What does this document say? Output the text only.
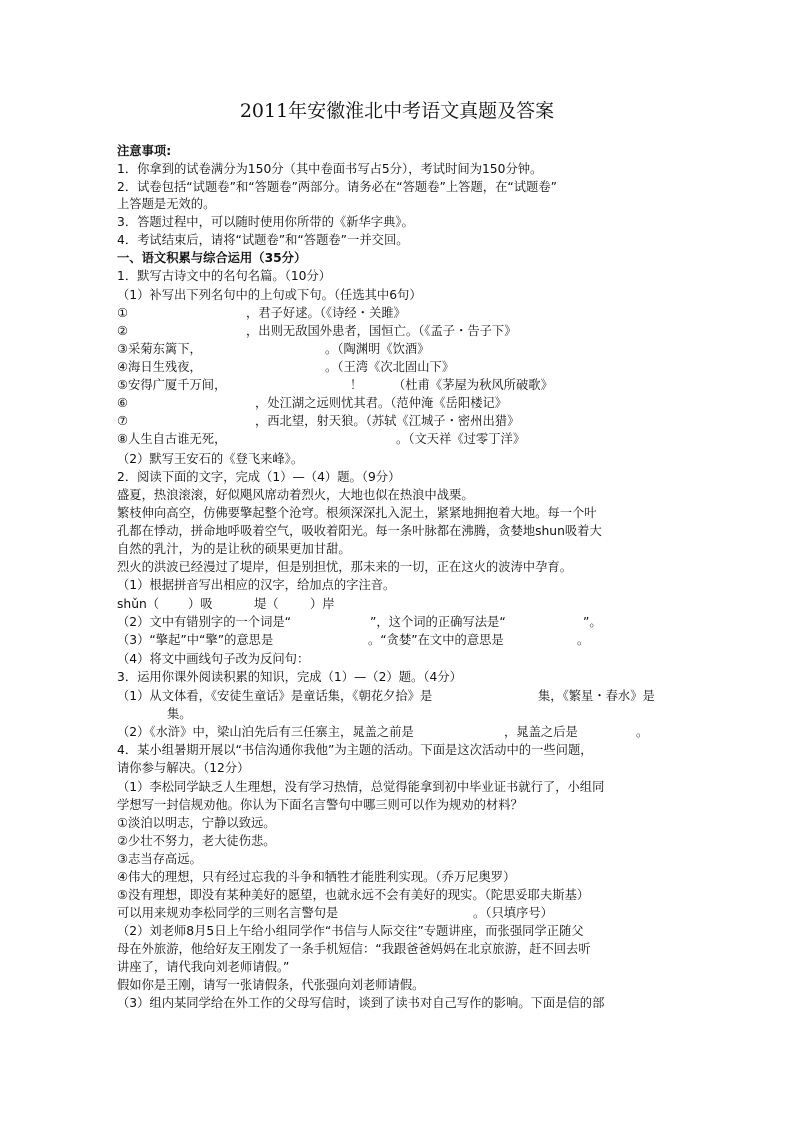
2011年安徽淮北中考语文真题及答案
注意事项:
1．你拿到的试卷满分为150分（其中卷面书写占5分），考试时间为150分钟。
2．试卷包括“试题卷”和“答题卷”两部分。请务必在“答题卷”上答题，在“试题卷”
上答题是无效的。
3．答题过程中，可以随时使用你所带的《新华字典》。
4．考试结束后，请将“试题卷”和“答题卷”一并交回。
一、语文积累与综合运用（35分）
1．默写古诗文中的名句名篇。（10分）
（1）补写出下列名句中的上句或下句。（任选其中6句）
①	，君子好逑。（《诗经・关雎》
②	，出则无敌国外患者，国恒亡。（《孟子・告子下》
③采菊东篱下，	。（陶渊明《饮酒》
④海日生残夜，	。（王湾《次北固山下》
⑤安得广厦千万间，	！ （杜甫《茅屋为秋风所破歌》
⑥	，处江湖之远则忧其君。（范仲淹《岳阳楼记》
⑦	，西北望，射天狼。（苏轼《江城子・密州出猎》
⑧人生自古谁无死，	。（文天祥《过零丁洋》
（2）默写王安石的《登飞来峰》。
2．阅读下面的文字，完成（1）—（4）题。（9分）
盛夏，热浪滚滚，好似飓风席动着烈火，大地也似在热浪中战栗。
繁枝伸向高空，仿佛要擎起整个沧穹。根须深深扎入泥土，紧紧地拥抱着大地。每一个叶
孔都在悸动，拼命地呼吸着空气，吸收着阳光。每一条叶脉都在沸腾，贪婪地shun吸着大
自然的乳汁，为的是让秋的硕果更加甘甜。
烈火的洪波已经漫过了堤岸，但是别担忧，那未来的一切，正在这火的波涛中孕育。
（1）根据拼音写出相应的汉字，给加点的字注音。
shǔn（ ）吸	堤（	）岸
（2）文中有错别字的一个词是“	”，这个词的正确写法是“	”。
（3）“擎起”中“擎”的意思是	。“贪婪”在文中的意思是	。
（4）将文中画线句子改为反问句：
3．运用你课外阅读积累的知识，完成（1）—（2）题。（4分）
（1）从文体看，《安徒生童话》是童话集，《朝花夕拾》是	集，《繁星・春水》是
集。
（2）《水浒》中，梁山泊先后有三任寨主，晁盖之前是	，晁盖之后是	。
4．某小组暑期开展以“书信沟通你我他”为主题的活动。下面是这次活动中的一些问题，
请你参与解决。（12分）
（1）李松同学缺乏人生理想，没有学习热情，总觉得能拿到初中毕业证书就行了，小组同
学想写一封信规劝他。你认为下面名言警句中哪三则可以作为规劝的材料？
①淡泊以明志，宁静以致远。
②少壮不努力，老大徒伤悲。
③志当存高远。
④伟大的理想，只有经过忘我的斗争和牺牲才能胜利实现。（乔万尼奥罗）
⑤没有理想，即没有某种美好的愿望，也就永远不会有美好的现实。（陀思妥耶夫斯基）
可以用来规劝李松同学的三则名言警句是	。（只填序号）
（2）刘老师8月5日上午给小组同学作“书信与人际交往”专题讲座，而张强同学正随父
母在外旅游，他给好友王刚发了一条手机短信：“我跟爸爸妈妈在北京旅游，赶不回去听
讲座了，请代我向刘老师请假。”
假如你是王刚，请写一张请假条，代张强向刘老师请假。
（3）组内某同学给在外工作的父母写信时，谈到了读书对自己写作的影响。下面是信的部
